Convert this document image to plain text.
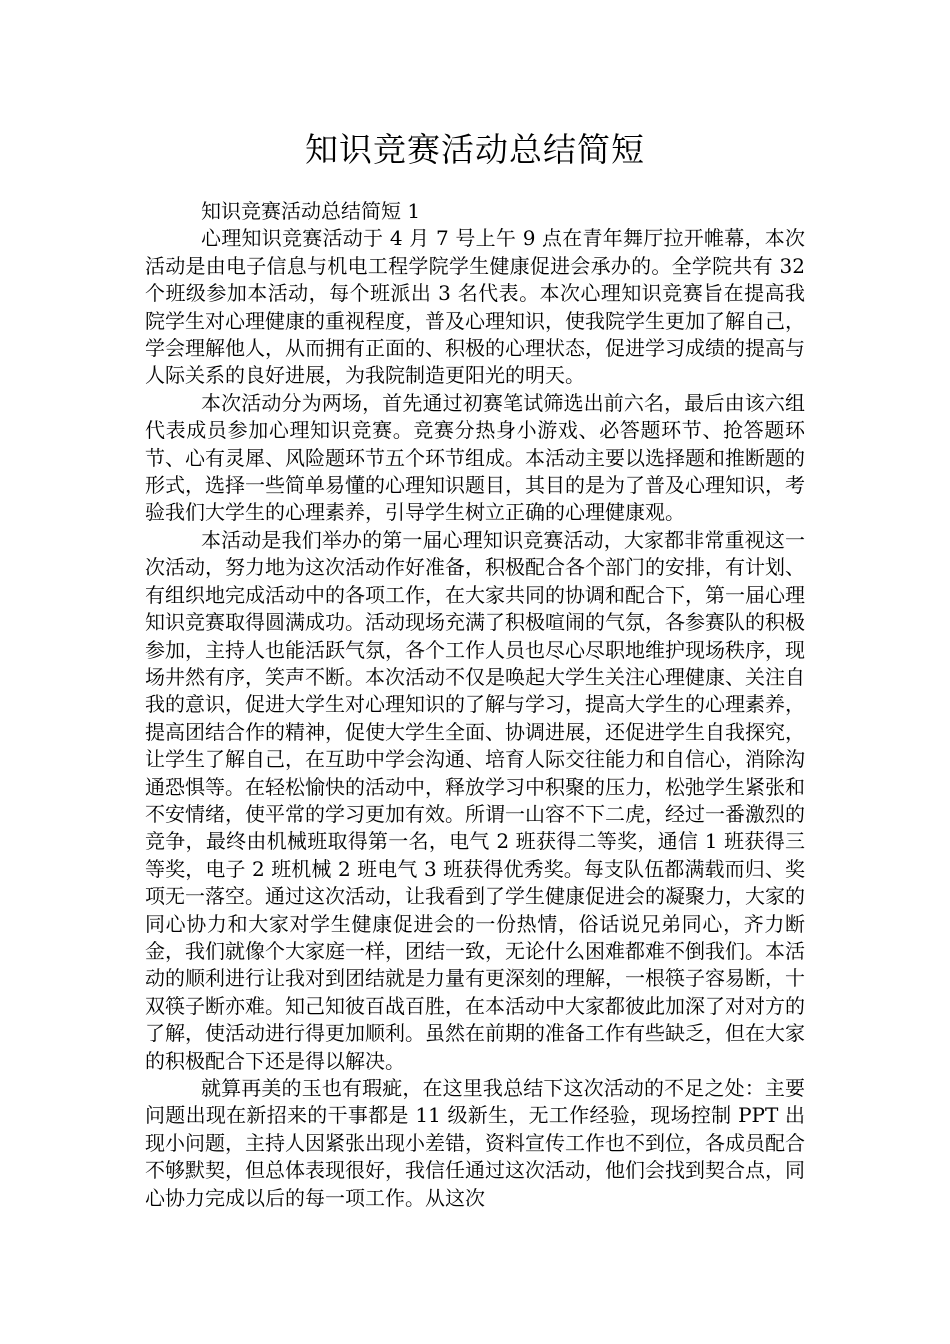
知识竞赛活动总结简短

知识竞赛活动总结简短 1

心理知识竞赛活动于 4 月 7 号上午 9 点在青年舞厅拉开帷幕，本次活动是由电子信息与机电工程学院学生健康促进会承办的。全学院共有 32 个班级参加本活动，每个班派出 3 名代表。本次心理知识竞赛旨在提高我院学生对心理健康的重视程度，普及心理知识，使我院学生更加了解自己，学会理解他人，从而拥有正面的、积极的心理状态，促进学习成绩的提高与人际关系的良好进展，为我院制造更阳光的明天。

本次活动分为两场，首先通过初赛笔试筛选出前六名，最后由该六组代表成员参加心理知识竞赛。竞赛分热身小游戏、必答题环节、抢答题环节、心有灵犀、风险题环节五个环节组成。本活动主要以选择题和推断题的形式，选择一些简单易懂的心理知识题目，其目的是为了普及心理知识，考验我们大学生的心理素养，引导学生树立正确的心理健康观。

本活动是我们举办的第一届心理知识竞赛活动，大家都非常重视这一次活动，努力地为这次活动作好准备，积极配合各个部门的安排，有计划、有组织地完成活动中的各项工作，在大家共同的协调和配合下，第一届心理知识竞赛取得圆满成功。活动现场充满了积极喧闹的气氛，各参赛队的积极参加，主持人也能活跃气氛，各个工作人员也尽心尽职地维护现场秩序，现场井然有序，笑声不断。本次活动不仅是唤起大学生关注心理健康、关注自我的意识，促进大学生对心理知识的了解与学习，提高大学生的心理素养，提高团结合作的精神，促使大学生全面、协调进展，还促进学生自我探究，让学生了解自己，在互助中学会沟通、培育人际交往能力和自信心，消除沟通恐惧等。在轻松愉快的活动中，释放学习中积聚的压力，松弛学生紧张和不安情绪，使平常的学习更加有效。所谓一山容不下二虎，经过一番激烈的竞争，最终由机械班取得第一名，电气 2 班获得二等奖，通信 1 班获得三等奖，电子 2 班机械 2 班电气 3 班获得优秀奖。每支队伍都满载而归、奖项无一落空。通过这次活动，让我看到了学生健康促进会的凝聚力，大家的同心协力和大家对学生健康促进会的一份热情，俗话说兄弟同心，齐力断金，我们就像个大家庭一样，团结一致，无论什么困难都难不倒我们。本活动的顺利进行让我对到团结就是力量有更深刻的理解，一根筷子容易断，十双筷子断亦难。知己知彼百战百胜，在本活动中大家都彼此加深了对对方的了解，使活动进行得更加顺利。虽然在前期的准备工作有些缺乏，但在大家的积极配合下还是得以解决。

就算再美的玉也有瑕疵，在这里我总结下这次活动的不足之处：主要问题出现在新招来的干事都是 11 级新生，无工作经验，现场控制 PPT 出现小问题，主持人因紧张出现小差错，资料宣传工作也不到位，各成员配合不够默契，但总体表现很好，我信任通过这次活动，他们会找到契合点，同心协力完成以后的每一项工作。从这次
